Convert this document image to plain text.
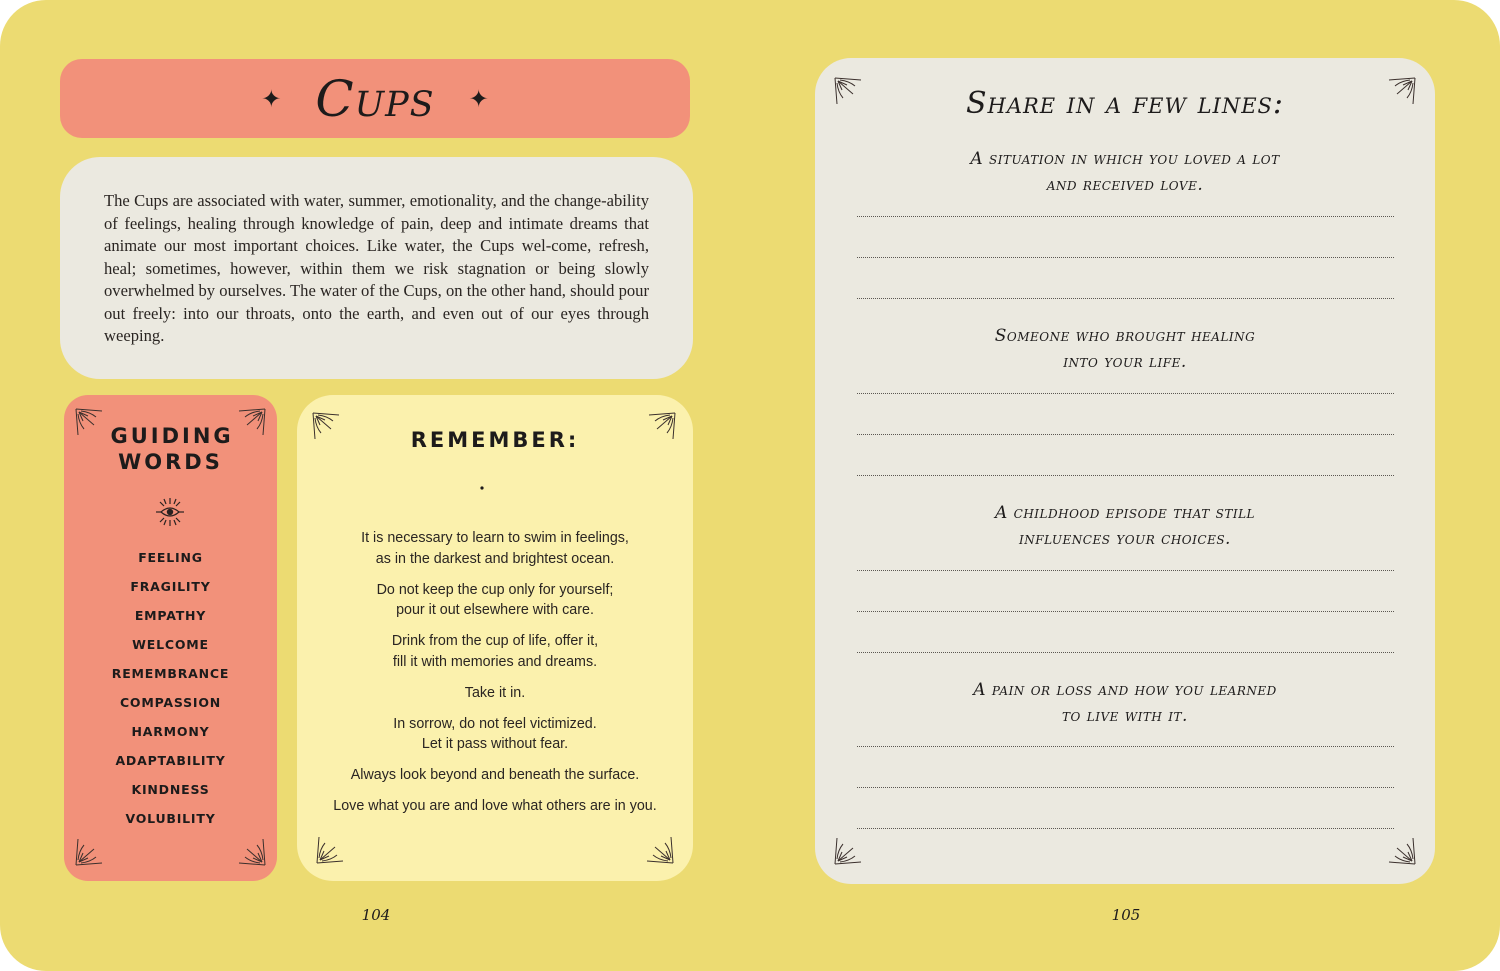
✦ Cups ✦

The Cups are associated with water, summer, emotionality, and the change-ability of feelings, healing through knowledge of pain, deep and intimate dreams that animate our most important choices. Like water, the Cups wel-come, refresh, heal; sometimes, however, within them we risk stagnation or being slowly overwhelmed by ourselves. The water of the Cups, on the other hand, should pour out freely: into our throats, onto the earth, and even out of our eyes through weeping.

GUIDING WORDS
FEELING
FRAGILITY
EMPATHY
WELCOME
REMEMBRANCE
COMPASSION
HARMONY
ADAPTABILITY
KINDNESS
VOLUBILITY
REMEMBER:
It is necessary to learn to swim in feelings,
as in the darkest and brightest ocean.
Do not keep the cup only for yourself;
pour it out elsewhere with care.
Drink from the cup of life, offer it,
fill it with memories and dreams.
Take it in.
In sorrow, do not feel victimized.
Let it pass without fear.
Always look beyond and beneath the surface.
Love what you are and love what others are in you.
104
Share in a few lines:
A situation in which you loved a lot
and received love.
Someone who brought healing
into your life.
A childhood episode that still
influences your choices.
A pain or loss and how you learned
to live with it.
105
